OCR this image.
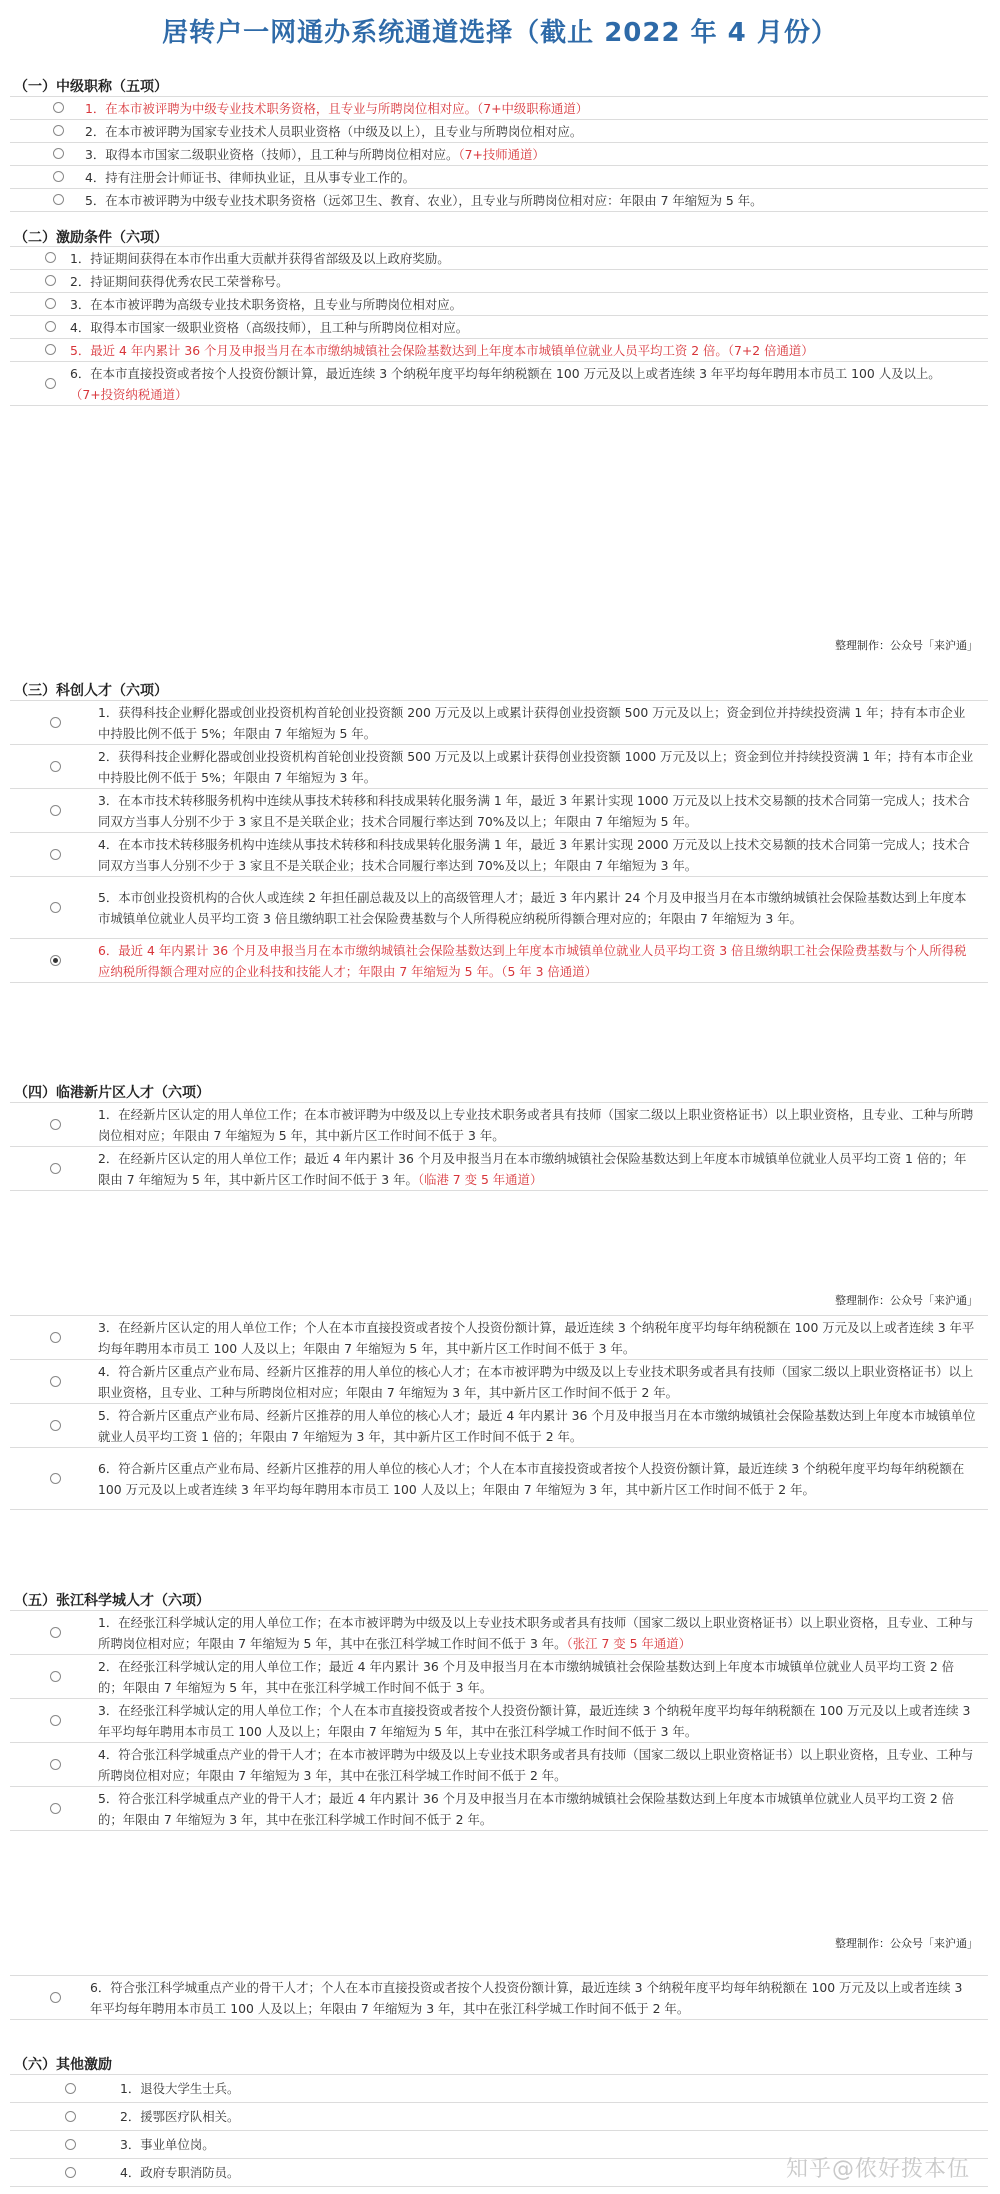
居转户一网通办系统通道选择（截止 2022 年 4 月份）
（一）中级职称（五项）
1．在本市被评聘为中级专业技术职务资格，且专业与所聘岗位相对应。（7+中级职称通道）
2．在本市被评聘为国家专业技术人员职业资格（中级及以上），且专业与所聘岗位相对应。
3．取得本市国家二级职业资格（技师），且工种与所聘岗位相对应。（7+技师通道）
4．持有注册会计师证书、律师执业证，且从事专业工作的。
5．在本市被评聘为中级专业技术职务资格（远郊卫生、教育、农业），且专业与所聘岗位相对应：年限由 7 年缩短为 5 年。
（二）激励条件（六项）
1．持证期间获得在本市作出重大贡献并获得省部级及以上政府奖励。
2．持证期间获得优秀农民工荣誉称号。
3．在本市被评聘为高级专业技术职务资格，且专业与所聘岗位相对应。
4．取得本市国家一级职业资格（高级技师），且工种与所聘岗位相对应。
5．最近 4 年内累计 36 个月及申报当月在本市缴纳城镇社会保险基数达到上年度本市城镇单位就业人员平均工资 2 倍。（7+2 倍通道）
6．在本市直接投资或者按个人投资份额计算，最近连续 3 个纳税年度平均每年纳税额在 100 万元及以上或者连续 3 年平均每年聘用本市员工 100 人及以上。（7+投资纳税通道）
（三）科创人才（六项）
1．获得科技企业孵化器或创业投资机构首轮创业投资额 200 万元及以上或累计获得创业投资额 500 万元及以上；资金到位并持续投资满 1 年；持有本市企业中持股比例不低于 5%；年限由 7 年缩短为 5 年。
2．获得科技企业孵化器或创业投资机构首轮创业投资额 500 万元及以上或累计获得创业投资额 1000 万元及以上；资金到位并持续投资满 1 年；持有本市企业中持股比例不低于 5%；年限由 7 年缩短为 3 年。
3．在本市技术转移服务机构中连续从事技术转移和科技成果转化服务满 1 年，最近 3 年累计实现 1000 万元及以上技术交易额的技术合同第一完成人；技术合同双方当事人分别不少于 3 家且不是关联企业；技术合同履行率达到 70%及以上；年限由 7 年缩短为 5 年。
4．在本市技术转移服务机构中连续从事技术转移和科技成果转化服务满 1 年，最近 3 年累计实现 2000 万元及以上技术交易额的技术合同第一完成人；技术合同双方当事人分别不少于 3 家且不是关联企业；技术合同履行率达到 70%及以上；年限由 7 年缩短为 3 年。
5．本市创业投资机构的合伙人或连续 2 年担任副总裁及以上的高级管理人才；最近 3 年内累计 24 个月及申报当月在本市缴纳城镇社会保险基数达到上年度本市城镇单位就业人员平均工资 3 倍且缴纳职工社会保险费基数与个人所得税应纳税所得额合理对应的；年限由 7 年缩短为 3 年。
6．最近 4 年内累计 36 个月及申报当月在本市缴纳城镇社会保险基数达到上年度本市城镇单位就业人员平均工资 3 倍且缴纳职工社会保险费基数与个人所得税应纳税所得额合理对应的企业科技和技能人才；年限由 7 年缩短为 5 年。（5 年 3 倍通道）
（四）临港新片区人才（六项）
1．在经新片区认定的用人单位工作；在本市被评聘为中级及以上专业技术职务或者具有技师（国家二级以上职业资格证书）以上职业资格，且专业、工种与所聘岗位相对应；年限由 7 年缩短为 5 年，其中新片区工作时间不低于 3 年。
2．在经新片区认定的用人单位工作；最近 4 年内累计 36 个月及申报当月在本市缴纳城镇社会保险基数达到上年度本市城镇单位就业人员平均工资 1 倍的；年限由 7 年缩短为 5 年，其中新片区工作时间不低于 3 年。（临港 7 变 5 年通道）
3．在经新片区认定的用人单位工作；个人在本市直接投资或者按个人投资份额计算，最近连续 3 个纳税年度平均每年纳税额在 100 万元及以上或者连续 3 年平均每年聘用本市员工 100 人及以上；年限由 7 年缩短为 5 年，其中新片区工作时间不低于 3 年。
4．符合新片区重点产业布局、经新片区推荐的用人单位的核心人才；在本市被评聘为中级及以上专业技术职务或者具有技师（国家二级以上职业资格证书）以上职业资格，且专业、工种与所聘岗位相对应；年限由 7 年缩短为 3 年，其中新片区工作时间不低于 2 年。
5．符合新片区重点产业布局、经新片区推荐的用人单位的核心人才；最近 4 年内累计 36 个月及申报当月在本市缴纳城镇社会保险基数达到上年度本市城镇单位就业人员平均工资 1 倍的；年限由 7 年缩短为 3 年，其中新片区工作时间不低于 2 年。
6．符合新片区重点产业布局、经新片区推荐的用人单位的核心人才；个人在本市直接投资或者按个人投资份额计算，最近连续 3 个纳税年度平均每年纳税额在 100 万元及以上或者连续 3 年平均每年聘用本市员工 100 人及以上；年限由 7 年缩短为 3 年，其中新片区工作时间不低于 2 年。
（五）张江科学城人才（六项）
1．在经张江科学城认定的用人单位工作；在本市被评聘为中级及以上专业技术职务或者具有技师（国家二级以上职业资格证书）以上职业资格，且专业、工种与所聘岗位相对应；年限由 7 年缩短为 5 年，其中在张江科学城工作时间不低于 3 年。（张江 7 变 5 年通道）
2．在经张江科学城认定的用人单位工作；最近 4 年内累计 36 个月及申报当月在本市缴纳城镇社会保险基数达到上年度本市城镇单位就业人员平均工资 2 倍的；年限由 7 年缩短为 5 年，其中在张江科学城工作时间不低于 3 年。
3．在经张江科学城认定的用人单位工作；个人在本市直接投资或者按个人投资份额计算，最近连续 3 个纳税年度平均每年纳税额在 100 万元及以上或者连续 3 年平均每年聘用本市员工 100 人及以上；年限由 7 年缩短为 5 年，其中在张江科学城工作时间不低于 3 年。
4．符合张江科学城重点产业的骨干人才；在本市被评聘为中级及以上专业技术职务或者具有技师（国家二级以上职业资格证书）以上职业资格，且专业、工种与所聘岗位相对应；年限由 7 年缩短为 3 年，其中在张江科学城工作时间不低于 2 年。
5．符合张江科学城重点产业的骨干人才；最近 4 年内累计 36 个月及申报当月在本市缴纳城镇社会保险基数达到上年度本市城镇单位就业人员平均工资 2 倍的；年限由 7 年缩短为 3 年，其中在张江科学城工作时间不低于 2 年。
6．符合张江科学城重点产业的骨干人才；个人在本市直接投资或者按个人投资份额计算，最近连续 3 个纳税年度平均每年纳税额在 100 万元及以上或者连续 3 年平均每年聘用本市员工 100 人及以上；年限由 7 年缩短为 3 年，其中在张江科学城工作时间不低于 2 年。
（六）其他激励
1．退役大学生士兵。
2．援鄂医疗队相关。
3．事业单位岗。
4．政府专职消防员。
整理制作：公众号「来沪通」
整理制作：公众号「来沪通」
整理制作：公众号「来沪通」
知乎@侬好拨本伍
